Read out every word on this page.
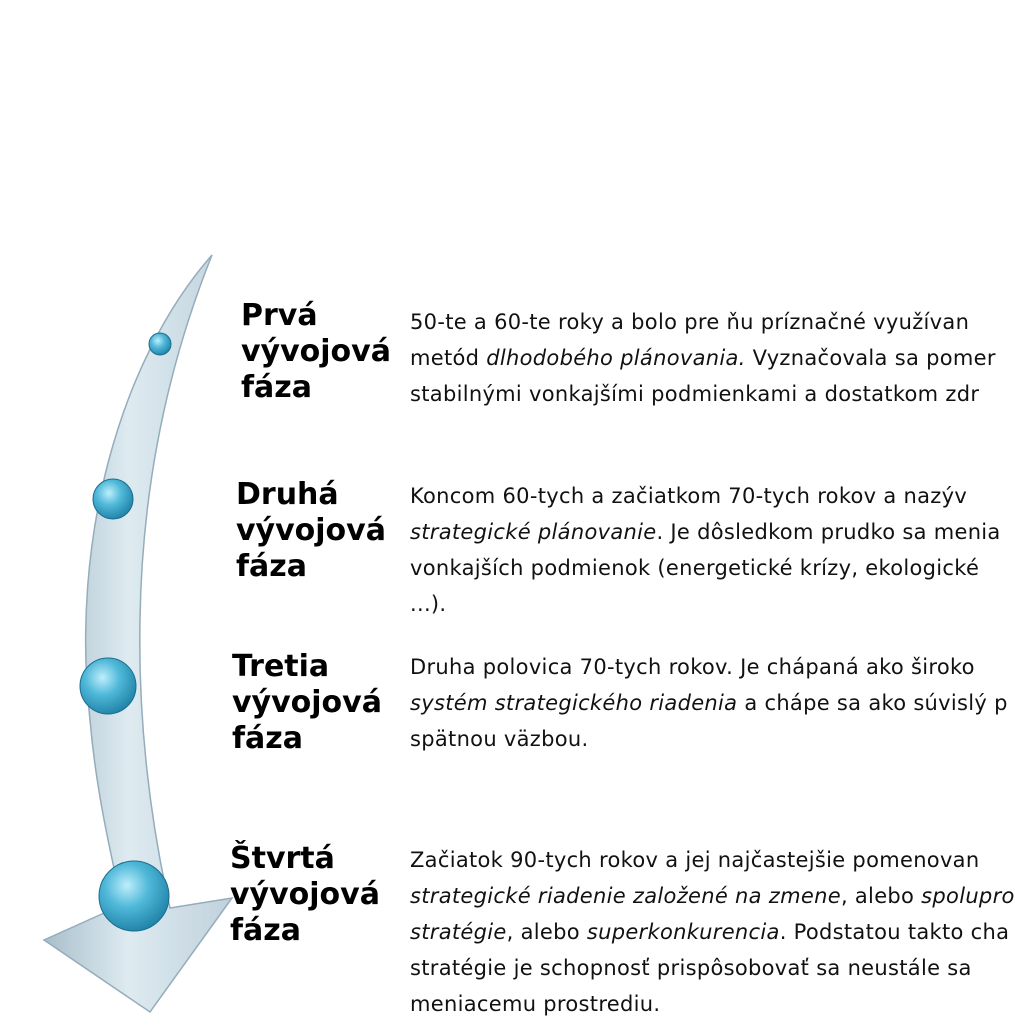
Prvá
vývojová
fáza
Druhá
vývojová
fáza
Tretia
vývojová
fáza
Štvrtá
vývojová
fáza
50-te a 60-te roky a bolo pre ňu príznačné využívan
metód dlhodobého plánovania. Vyznačovala sa pomer
stabilnými vonkajšími podmienkami a dostatkom zdr
Koncom 60-tych a začiatkom 70-tych rokov a nazýv
strategické plánovanie. Je dôsledkom prudko sa menia
vonkajších podmienok (energetické krízy, ekologické
...).
Druha polovica 70-tych rokov. Je chápaná ako široko
systém strategického riadenia a chápe sa ako súvislý p
spätnou väzbou.
Začiatok 90-tych rokov a jej najčastejšie pomenovan
strategické riadenie založené na zmene, alebo spolupro
stratégie, alebo superkonkurencia. Podstatou takto cha
stratégie je schopnosť prispôsobovať sa neustále sa
meniacemu prostrediu.
